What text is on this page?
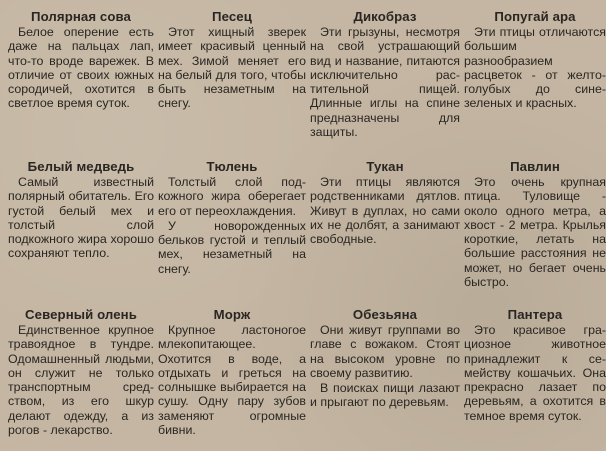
Полярная сова

Белое оперение есть даже на пальцах лап, что-то вроде варежек. В отличие от своих южных сородичей, охотится в светлое время суток.

Песец

Этот хищный зверек имеет красивый ценный мех. Зимой меняет его на белый для того, чтобы быть незаметным на снегу.

Дикобраз

Эти грызуны, несмотря на свой устрашающий вид и название, питаются исключительно растительной пищей. Длинные иглы на спине предназначены для защиты.

Попугай ара

Эти птицы отличаются большим разнообразием расцветок - от желто-голубых до сине-зеленых и красных.

Белый медведь

Самый известный полярный обитатель. Его густой белый мех и толстый слой подкожного жира хорошо сохраняют тепло.

Тюлень

Толстый слой подкожного жира оберегает его от переохлаждения.

У новорожденных бельков густой и теплый мех, незаметный на снегу.

Тукан

Эти птицы являются родственниками дятлов. Живут в дуплах, но сами их не долбят, а занимают свободные.

Павлин

Это очень крупная птица. Туловище - около одного метра, а хвост - 2 метра. Крылья короткие, летать на большие расстояния не может, но бегает очень быстро.

Северный олень

Единственное крупное травоядное в тундре. Одомашненный людьми, он служит не только транспортным средством, из его шкур делают одежду, а из рогов - лекарство.

Морж

Крупное ластоногое млекопитающее. Охотится в воде, а отдыхать и греться на солнышке выбирается на сушу. Одну пару зубов заменяют огромные бивни.

Обезьяна

Они живут группами во главе с вожаком. Стоят на высоком уровне по своему развитию.

В поисках пищи лазают и прыгают по деревьям.

Пантера

Это красивое грациозное животное принадлежит к семейству кошачьих. Она прекрасно лазает по деревьям, а охотится в темное время суток.
